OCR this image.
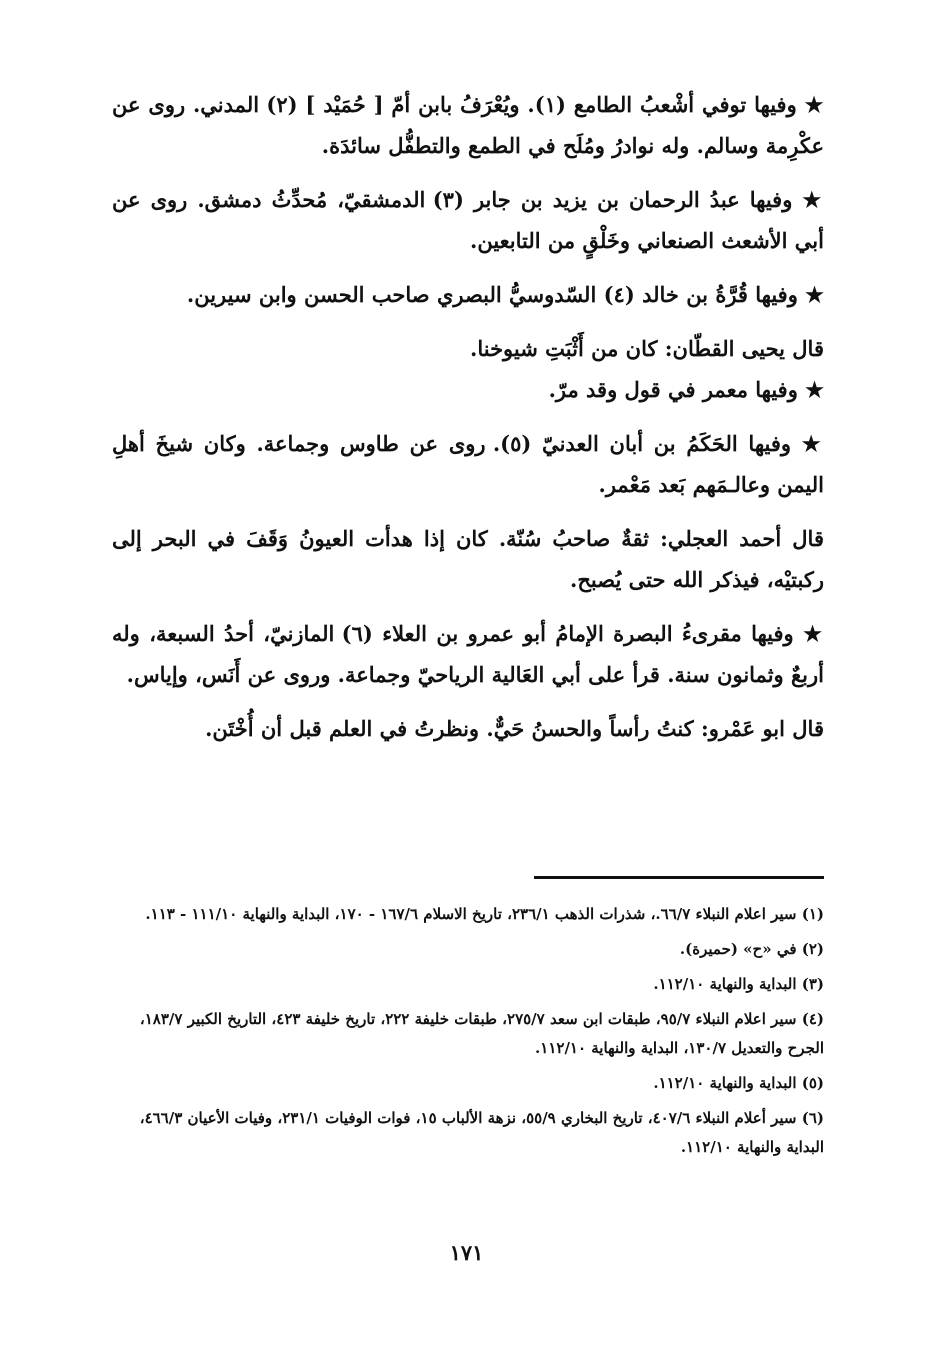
★ وفيها توفي أشْعبُ الطامع (١). ويُعْرَفُ بابن أمّ [ حُمَيْد ] (٢) المدني. روى عن عكْرِمة وسالم. وله نوادرُ ومُلَح في الطمع والتطفُّل سائدَة.

★ وفيها عبدُ الرحمان بن يزيد بن جابر (٣) الدمشقيّ، مُحدِّثُ دمشق. روى عن أبي الأشعث الصنعاني وخَلْقٍ من التابعين.

★ وفيها قُرَّةُ بن خالد (٤) السّدوسيُّ البصري صاحب الحسن وابن سيرين.

قال يحيى القطّان: كان من أَثْبَتِ شيوخنا.

★ وفيها معمر في قول وقد مرّ.

★ وفيها الحَكَمُ بن أبان العدنيّ (٥). روى عن طاوس وجماعة. وكان شيخَ أهلِ اليمن وعالـمَهم بَعد مَعْمر.

قال أحمد العجلي: ثقةٌ صاحبُ سُنّة. كان إذا هدأت العيونُ وَقَفَ في البحر إلى ركبتيْه، فيذكر الله حتى يُصبح.

★ وفيها مقرىءُ البصرة الإمامُ أبو عمرو بن العلاء (٦) المازنيّ، أحدُ السبعة، وله أربعٌ وثمانون سنة. قرأ على أبي العَالية الرياحيّ وجماعة. وروى عن أَنَس، وإياس.

قال ابو عَمْرو: كنتُ رأساً والحسنُ حَيٌّ. ونظرتُ في العلم قبل أن أُخْتَن.

(١) سير اعلام النبلاء ٦٦/٧.، شذرات الذهب ٢٣٦/١، تاريخ الاسلام ١٦٧/٦ - ١٧٠، البداية والنهاية ١١١/١٠ - ١١٣.

(٢) في «ح» (حميرة).

(٣) البداية والنهاية ١١٢/١٠.

(٤) سير اعلام النبلاء ٩٥/٧، طبقات ابن سعد ٢٧٥/٧، طبقات خليفة ٢٢٢، تاريخ خليفة ٤٢٣، التاريخ الكبير ١٨٣/٧، الجرح والتعديل ١٣٠/٧، البداية والنهاية ١١٢/١٠.

(٥) البداية والنهاية ١١٢/١٠.

(٦) سير أعلام النبلاء ٤٠٧/٦، تاريخ البخاري ٥٥/٩، نزهة الألباب ١٥، فوات الوفيات ٢٣١/١، وفيات الأعيان ٤٦٦/٣، البداية والنهاية ١١٢/١٠.

١٧١
